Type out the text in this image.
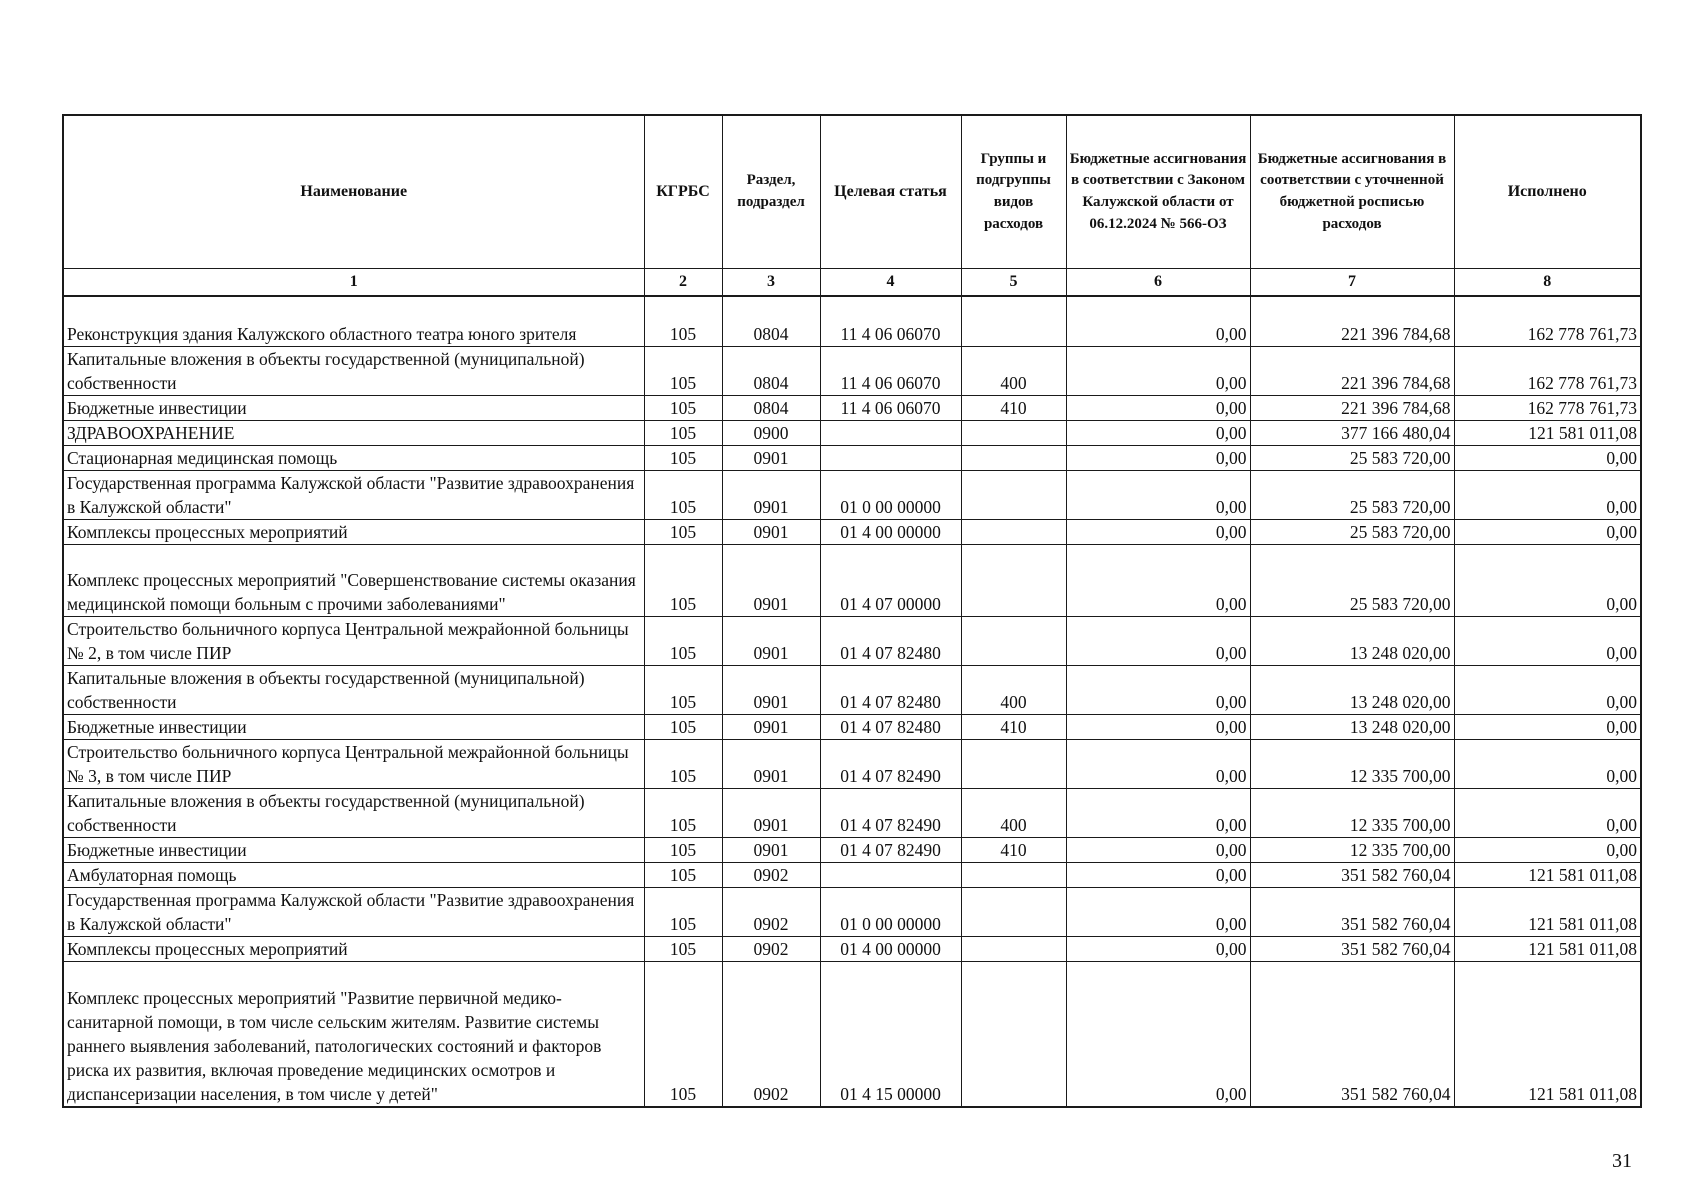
Наименование	КГРБС	Раздел, подраздел	Целевая статья	Группы и подгруппы видов расходов	Бюджетные ассигнования в соответствии с Законом Калужской области от 06.12.2024 № 566-ОЗ	Бюджетные ассигнования в соответствии с уточненной бюджетной росписью расходов	Исполнено
1	2	3	4	5	6	7	8
Реконструкция здания Калужского областного театра юного зрителя	105	0804	11 4 06 06070		0,00	221 396 784,68	162 778 761,73
Капитальные вложения в объекты государственной (муниципальной) собственности	105	0804	11 4 06 06070	400	0,00	221 396 784,68	162 778 761,73
Бюджетные инвестиции	105	0804	11 4 06 06070	410	0,00	221 396 784,68	162 778 761,73
ЗДРАВООХРАНЕНИЕ	105	0900			0,00	377 166 480,04	121 581 011,08
Стационарная медицинская помощь	105	0901			0,00	25 583 720,00	0,00
Государственная программа Калужской области "Развитие здравоохранения в Калужской области"	105	0901	01 0 00 00000		0,00	25 583 720,00	0,00
Комплексы процессных мероприятий	105	0901	01 4 00 00000		0,00	25 583 720,00	0,00
Комплекс процессных мероприятий "Совершенствование системы оказания медицинской помощи больным с прочими заболеваниями"	105	0901	01 4 07 00000		0,00	25 583 720,00	0,00
Строительство больничного корпуса Центральной межрайонной больницы № 2, в том числе ПИР	105	0901	01 4 07 82480		0,00	13 248 020,00	0,00
Капитальные вложения в объекты государственной (муниципальной) собственности	105	0901	01 4 07 82480	400	0,00	13 248 020,00	0,00
Бюджетные инвестиции	105	0901	01 4 07 82480	410	0,00	13 248 020,00	0,00
Строительство больничного корпуса Центральной межрайонной больницы № 3, в том числе ПИР	105	0901	01 4 07 82490		0,00	12 335 700,00	0,00
Капитальные вложения в объекты государственной (муниципальной) собственности	105	0901	01 4 07 82490	400	0,00	12 335 700,00	0,00
Бюджетные инвестиции	105	0901	01 4 07 82490	410	0,00	12 335 700,00	0,00
Амбулаторная помощь	105	0902			0,00	351 582 760,04	121 581 011,08
Государственная программа Калужской области "Развитие здравоохранения в Калужской области"	105	0902	01 0 00 00000		0,00	351 582 760,04	121 581 011,08
Комплексы процессных мероприятий	105	0902	01 4 00 00000		0,00	351 582 760,04	121 581 011,08
Комплекс процессных мероприятий "Развитие первичной медико-санитарной помощи, в том числе сельским жителям. Развитие системы раннего выявления заболеваний, патологических состояний и факторов риска их развития, включая проведение медицинских осмотров и диспансеризации населения, в том числе у детей"	105	0902	01 4 15 00000		0,00	351 582 760,04	121 581 011,08
31
